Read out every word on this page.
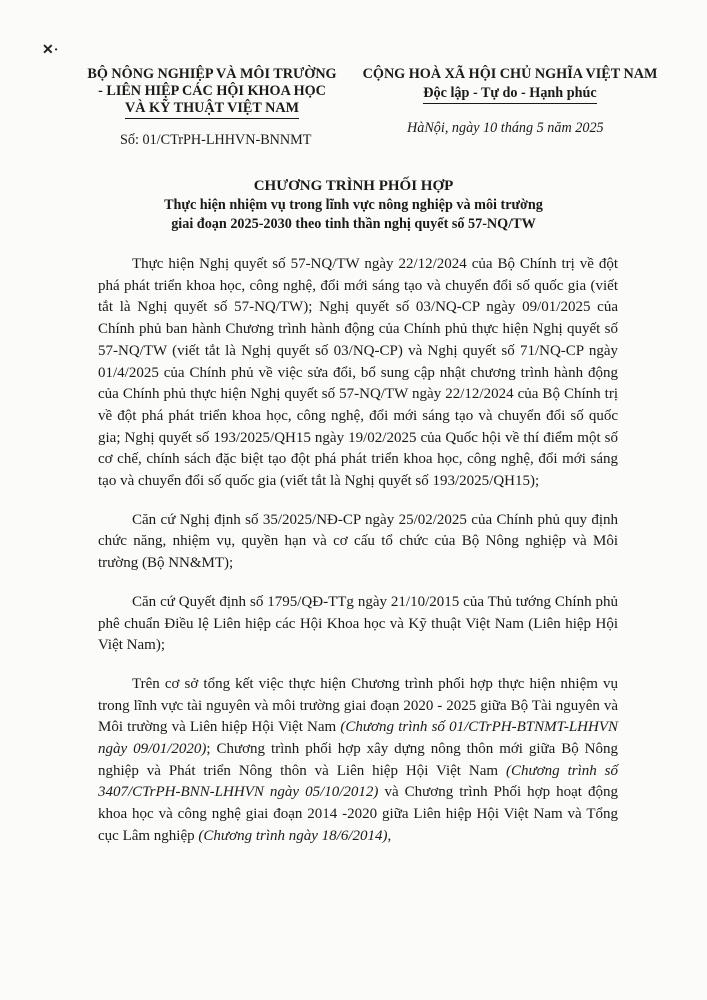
✕·
BỘ NÔNG NGHIỆP VÀ MÔI TRƯỜNG
- LIÊN HIỆP CÁC HỘI KHOA HỌC
VÀ KỸ THUẬT VIỆT NAM
CỘNG HOÀ XÃ HỘI CHỦ NGHĨA VIỆT NAM
Độc lập - Tự do - Hạnh phúc
Số: 01/CTrPH-LHHVN-BNNMT
HàNội, ngày 10 tháng 5 năm 2025
CHƯƠNG TRÌNH PHỐI HỢP
Thực hiện nhiệm vụ trong lĩnh vực nông nghiệp và môi trường
giai đoạn 2025-2030 theo tinh thần nghị quyết số 57-NQ/TW

Thực hiện Nghị quyết số 57-NQ/TW ngày 22/12/2024 của Bộ Chính trị về đột phá phát triển khoa học, công nghệ, đổi mới sáng tạo và chuyển đổi số quốc gia (viết tắt là Nghị quyết số 57-NQ/TW); Nghị quyết số 03/NQ-CP ngày 09/01/2025 của Chính phủ ban hành Chương trình hành động của Chính phủ thực hiện Nghị quyết số 57-NQ/TW (viết tắt là Nghị quyết số 03/NQ-CP) và Nghị quyết số 71/NQ-CP ngày 01/4/2025 của Chính phủ về việc sửa đổi, bổ sung cập nhật chương trình hành động của Chính phủ thực hiện Nghị quyết số 57-NQ/TW ngày 22/12/2024 của Bộ Chính trị về đột phá phát triển khoa học, công nghệ, đổi mới sáng tạo và chuyển đổi số quốc gia; Nghị quyết số 193/2025/QH15 ngày 19/02/2025 của Quốc hội về thí điểm một số cơ chế, chính sách đặc biệt tạo đột phá phát triển khoa học, công nghệ, đổi mới sáng tạo và chuyển đổi số quốc gia (viết tắt là Nghị quyết số 193/2025/QH15);

Căn cứ Nghị định số 35/2025/NĐ-CP ngày 25/02/2025 của Chính phủ quy định chức năng, nhiệm vụ, quyền hạn và cơ cấu tổ chức của Bộ Nông nghiệp và Môi trường (Bộ NN&MT);

Căn cứ Quyết định số 1795/QĐ-TTg ngày 21/10/2015 của Thủ tướng Chính phủ phê chuẩn Điều lệ Liên hiệp các Hội Khoa học và Kỹ thuật Việt Nam (Liên hiệp Hội Việt Nam);

Trên cơ sở tổng kết việc thực hiện Chương trình phối hợp thực hiện nhiệm vụ trong lĩnh vực tài nguyên và môi trường giai đoạn 2020 - 2025 giữa Bộ Tài nguyên và Môi trường và Liên hiệp Hội Việt Nam (Chương trình số 01/CTrPH-BTNMT-LHHVN ngày 09/01/2020); Chương trình phối hợp xây dựng nông thôn mới giữa Bộ Nông nghiệp và Phát triển Nông thôn và Liên hiệp Hội Việt Nam (Chương trình số 3407/CTrPH-BNN-LHHVN ngày 05/10/2012) và Chương trình Phối hợp hoạt động khoa học và công nghệ giai đoạn 2014 -2020 giữa Liên hiệp Hội Việt Nam và Tổng cục Lâm nghiệp (Chương trình ngày 18/6/2014),
